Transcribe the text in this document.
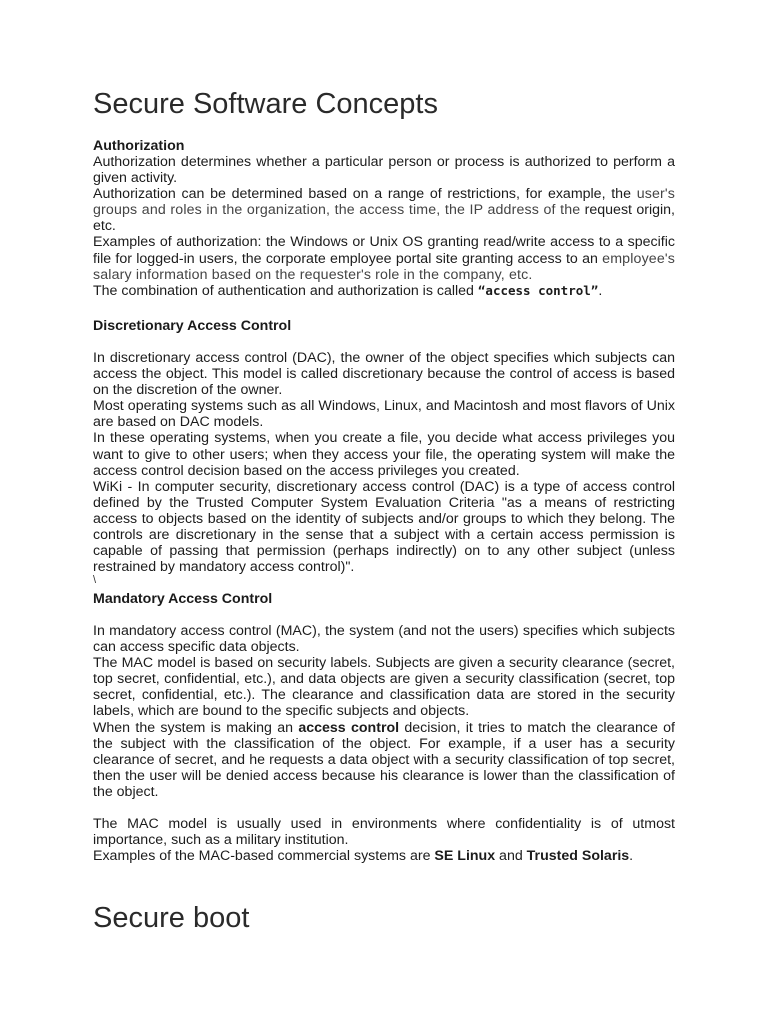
Secure Software Concepts
Authorization

Authorization determines whether a particular person or process is authorized to perform a given activity.

Authorization can be determined based on a range of restrictions, for example, the user's groups and roles in the organization, the access time, the IP address of the request origin, etc.

Examples of authorization: the Windows or Unix OS granting read/write access to a specific file for logged-in users, the corporate employee portal site granting access to an employee's salary information based on the requester's role in the company, etc.

The combination of authentication and authorization is called “access control”.

Discretionary Access Control

In discretionary access control (DAC), the owner of the object specifies which subjects can access the object. This model is called discretionary because the control of access is based on the discretion of the owner.

Most operating systems such as all Windows, Linux, and Macintosh and most flavors of Unix are based on DAC models.

In these operating systems, when you create a file, you decide what access privileges you want to give to other users; when they access your file, the operating system will make the access control decision based on the access privileges you created.

WiKi - In computer security, discretionary access control (DAC) is a type of access control defined by the Trusted Computer System Evaluation Criteria "as a means of restricting access to objects based on the identity of subjects and/or groups to which they belong. The controls are discretionary in the sense that a subject with a certain access permission is capable of passing that permission (perhaps indirectly) on to any other subject (unless restrained by mandatory access control)".

\

Mandatory Access Control

In mandatory access control (MAC), the system (and not the users) specifies which subjects can access specific data objects.

The MAC model is based on security labels. Subjects are given a security clearance (secret, top secret, confidential, etc.), and data objects are given a security classification (secret, top secret, confidential, etc.). The clearance and classification data are stored in the security labels, which are bound to the specific subjects and objects.

When the system is making an access control decision, it tries to match the clearance of the subject with the classification of the object. For example, if a user has a security clearance of secret, and he requests a data object with a security classification of top secret, then the user will be denied access because his clearance is lower than the classification of the object.

The MAC model is usually used in environments where confidentiality is of utmost importance, such as a military institution.

Examples of the MAC-based commercial systems are SE Linux and Trusted Solaris.

Secure boot
